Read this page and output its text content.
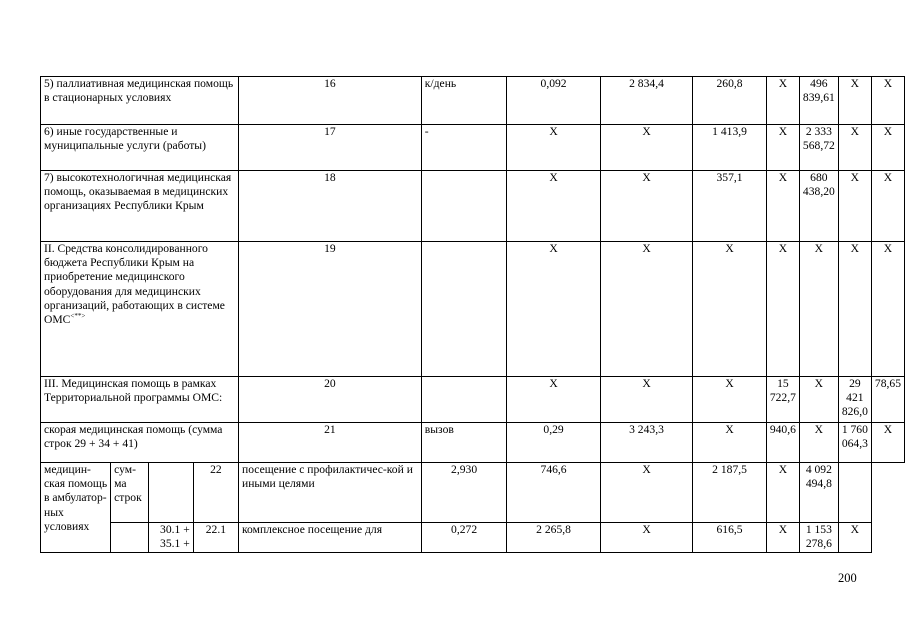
5) паллиативная медицинская помощь в стационарных условиях				16	к/день	0,092	2 834,4	260,8	X	496 839,61	X	X
6) иные государственные и муниципальные услуги (работы)				17	-	X	X	1 413,9	X	2 333 568,72	X	X
7) высокотехнологичная медицинская помощь, оказываемая в медицинских организациях Республики Крым				18		X	X	357,1	X	680 438,20	X	X
II. Средства консолидированного бюджета Республики Крым на приобретение медицинского оборудования для медицинских организаций, работающих в системе ОМС<**>				19		X	X	X	X	X	X	X
III. Медицинская помощь в рамках Территориальной программы ОМС:				20		X	X	X	15 722,7	X	29 421 826,0	78,65
скорая медицинская помощь (сумма строк 29 + 34 + 41)				21	вызов	0,29	3 243,3	X	940,6	X	1 760 064,3	X
медицин-ская помощь в амбулатор-ных условиях	сум-ма строк		22	посещение с профилактичес-кой и иными целями	2,930	746,6	X	2 187,5	X	4 092 494,8		
		30.1 + 35.1 +	22.1	комплексное посещение для	0,272	2 265,8	X	616,5	X	1 153 278,6	X	
200
